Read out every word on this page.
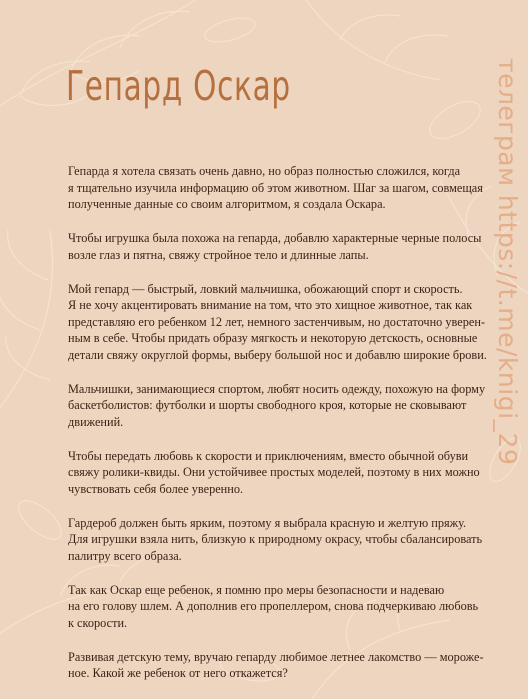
Гепард Оскар

Гепарда я хотела связать очень давно, но образ полностью сложился, когда
я тщательно изучила информацию об этом животном. Шаг за шагом, совмещая
полученные данные со своим алгоритмом, я создала Оскара.

Чтобы игрушка была похожа на гепарда, добавлю характерные черные полосы
возле глаз и пятна, свяжу стройное тело и длинные лапы.

Мой гепард — быстрый, ловкий мальчишка, обожающий спорт и скорость.
Я не хочу акцентировать внимание на том, что это хищное животное, так как
представляю его ребенком 12 лет, немного застенчивым, но достаточно уверен-
ным в себе. Чтобы придать образу мягкость и некоторую детскость, основные
детали свяжу округлой формы, выберу большой нос и добавлю широкие брови.

Мальчишки, занимающиеся спортом, любят носить одежду, похожую на форму
баскетболистов: футболки и шорты свободного кроя, которые не сковывают
движений.

Чтобы передать любовь к скорости и приключениям, вместо обычной обуви
свяжу ролики-квиды. Они устойчивее простых моделей, поэтому в них можно
чувствовать себя более уверенно.

Гардероб должен быть ярким, поэтому я выбрала красную и желтую пряжу.
Для игрушки взяла нить, близкую к природному окрасу, чтобы сбалансировать
палитру всего образа.

Так как Оскар еще ребенок, я помню про меры безопасности и надеваю
на его голову шлем. А дополнив его пропеллером, снова подчеркиваю любовь
к скорости.

Развивая детскую тему, вручаю гепарду любимое летнее лакомство — мороже-
ное. Какой же ребенок от него откажется?

телеграм https://t.me/knigi_29
